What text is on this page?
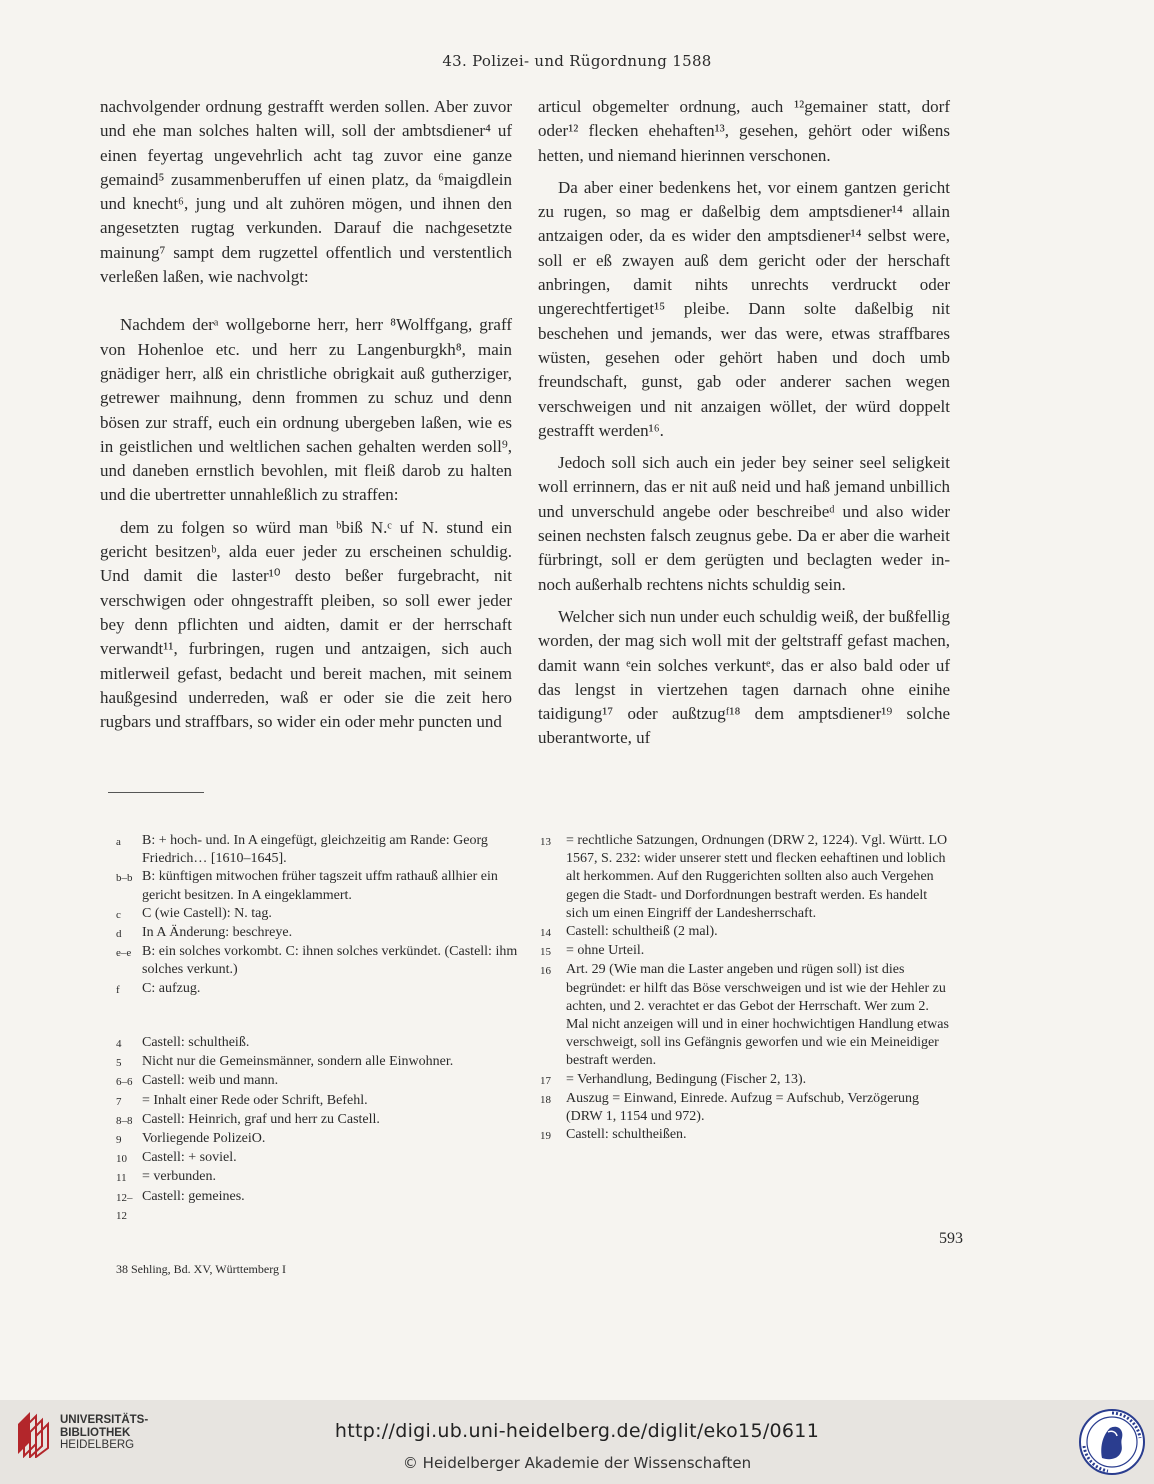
43. Polizei- und Rügordnung 1588

nachvolgender ordnung gestrafft werden sollen. Aber zuvor und ehe man solches halten will, soll der ambtsdiener⁴ uf einen feyertag ungevehrlich acht tag zuvor eine ganze gemaind⁵ zusammenberuffen uf einen platz, da ⁶maigdlein und knecht⁶, jung und alt zuhören mögen, und ihnen den angesetzten rugtag verkunden. Darauf die nachgesetzte mainung⁷ sampt dem rugzettel offentlich und verstentlich verleßen laßen, wie nachvolgt:

Nachdem derᵃ wollgeborne herr, herr ⁸Wolffgang, graff von Hohenloe etc. und herr zu Langenburgkh⁸, main gnädiger herr, alß ein christliche obrigkait auß gutherziger, getrewer maihnung, denn frommen zu schuz und denn bösen zur straff, euch ein ordnung ubergeben laßen, wie es in geistlichen und weltlichen sachen gehalten werden soll⁹, und daneben ernstlich bevohlen, mit fleiß darob zu halten und die ubertretter unnahleßlich zu straffen:

dem zu folgen so würd man ᵇbiß N.ᶜ uf N. stund ein gericht besitzenᵇ, alda euer jeder zu erscheinen schuldig. Und damit die laster¹⁰ desto beßer furgebracht, nit verschwigen oder ohngestrafft pleiben, so soll ewer jeder bey denn pflichten und aidten, damit er der herrschaft verwandt¹¹, furbringen, rugen und antzaigen, sich auch mitlerweil gefast, bedacht und bereit machen, mit seinem haußgesind underreden, waß er oder sie die zeit hero rugbars und straffbars, so wider ein oder mehr puncten und

articul obgemelter ordnung, auch ¹²gemainer statt, dorf oder¹² flecken ehehaften¹³, gesehen, gehört oder wißens hetten, und niemand hierinnen verschonen.

Da aber einer bedenkens het, vor einem gantzen gericht zu rugen, so mag er daßelbig dem amptsdiener¹⁴ allain antzaigen oder, da es wider den amptsdiener¹⁴ selbst were, soll er eß zwayen auß dem gericht oder der herschaft anbringen, damit nihts unrechts verdruckt oder ungerechtfertiget¹⁵ pleibe. Dann solte daßelbig nit beschehen und jemands, wer das were, etwas straffbares wüsten, gesehen oder gehört haben und doch umb freundschaft, gunst, gab oder anderer sachen wegen verschweigen und nit anzaigen wöllet, der würd doppelt gestrafft werden¹⁶.

Jedoch soll sich auch ein jeder bey seiner seel seligkeit woll errinnern, das er nit auß neid und haß jemand unbillich und unverschuld angebe oder beschreibeᵈ und also wider seinen nechsten falsch zeugnus gebe. Da er aber die warheit fürbringt, soll er dem gerügten und beclagten weder in- noch außerhalb rechtens nichts schuldig sein.

Welcher sich nun under euch schuldig weiß, der bußfellig worden, der mag sich woll mit der geltstraff gefast machen, damit wann ᵉein solches verkuntᵉ, das er also bald oder uf das lengst in viertzehen tagen darnach ohne einihe taidigung¹⁷ oder außtzugᶠ¹⁸ dem amptsdiener¹⁹ solche uberantworte, uf

a	B: + hoch- und. In A eingefügt, gleichzeitig am Rande: Georg Friedrich… [1610–1645].
b–b B: künftigen mitwochen früher tagszeit uffm rathauß allhier ein gericht besitzen. In A eingeklammert.
c	C (wie Castell): N. tag.
d	In A Änderung: beschreye.
e–e B: ein solches vorkombt. C: ihnen solches verkündet. (Castell: ihm solches verkunt.)
f	C: aufzug.
4	Castell: schultheiß.
5	Nicht nur die Gemeinsmänner, sondern alle Einwohner.
6–6 Castell: weib und mann.
7	= Inhalt einer Rede oder Schrift, Befehl.
8–8 Castell: Heinrich, graf und herr zu Castell.
9	Vorliegende PolizeiO.
10	Castell: + soviel.
11	= verbunden.
12–12
Castell: gemeines.
13	= rechtliche Satzungen, Ordnungen (DRW 2, 1224). Vgl. Württ. LO 1567, S. 232: wider unserer stett und flecken eehaftinen und loblich alt herkommen. Auf den Ruggerichten sollten also auch Vergehen gegen die Stadt- und Dorfordnungen bestraft werden. Es handelt sich um einen Eingriff der Landesherrschaft.
14	Castell: schultheiß (2 mal).
15	= ohne Urteil.
16	Art. 29 (Wie man die Laster angeben und rügen soll) ist dies begründet: er hilft das Böse verschweigen und ist wie der Hehler zu achten, und 2. verachtet er das Gebot der Herrschaft. Wer zum 2. Mal nicht anzeigen will und in einer hochwichtigen Handlung etwas verschweigt, soll ins Gefängnis geworfen und wie ein Meineidiger bestraft werden.
17	= Verhandlung, Bedingung (Fischer 2, 13).
18	Auszug = Einwand, Einrede. Aufzug = Aufschub, Verzögerung (DRW 1, 1154 und 972).
19	Castell: schultheißen.
593
38 Sehling, Bd. XV, Württemberg I
UNIVERSITÄTS-
BIBLIOTHEK
HEIDELBERG
http://digi.ub.uni-heidelberg.de/diglit/eko15/0611
© Heidelberger Akademie der Wissenschaften
